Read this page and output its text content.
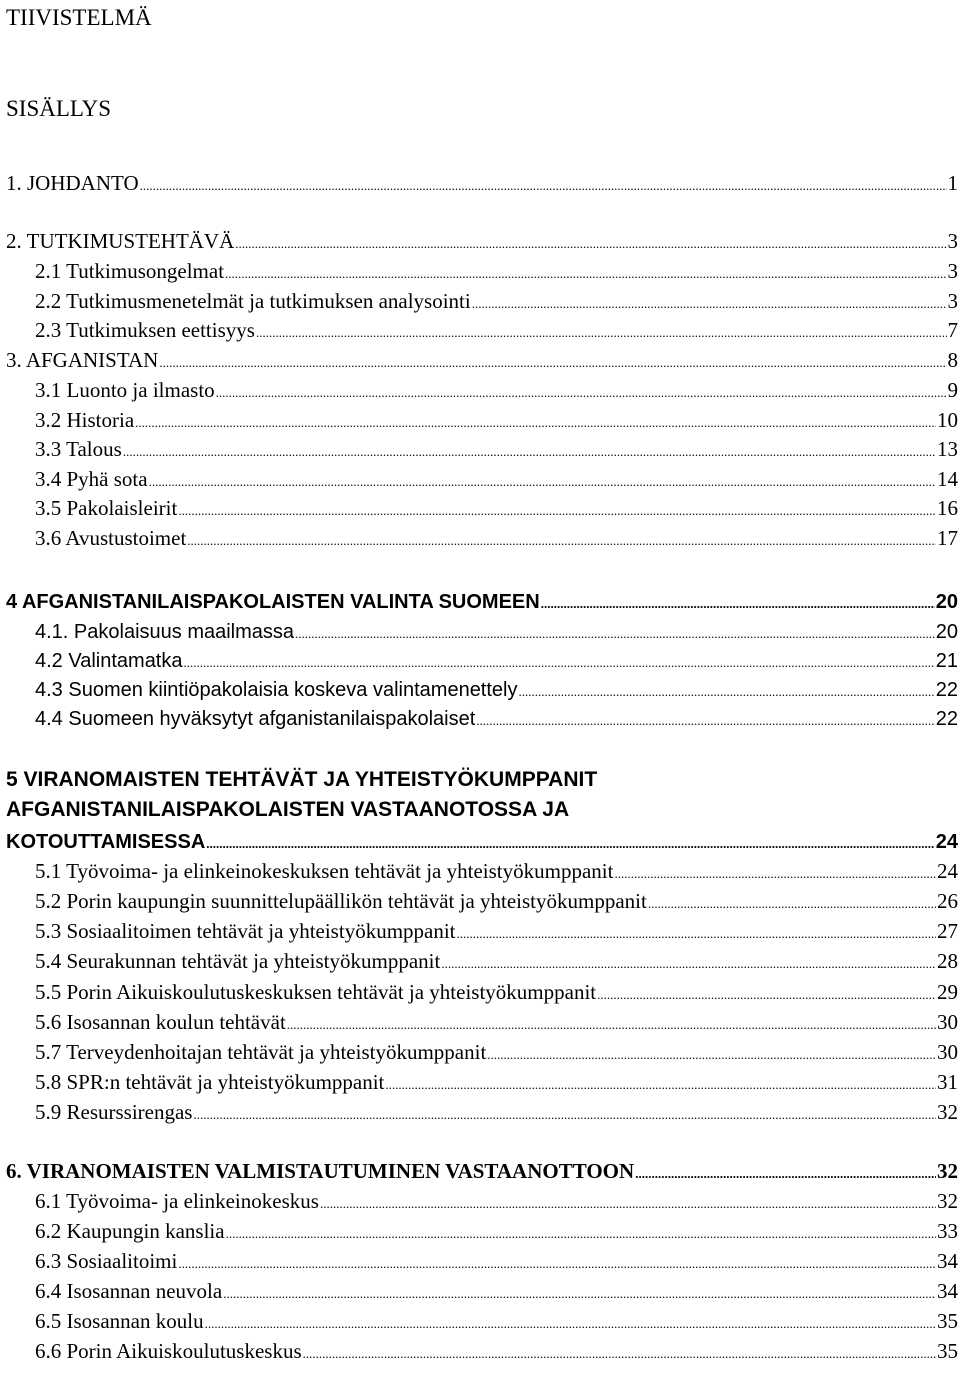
TIIVISTELMÄ
SISÄLLYS
1. JOHDANTO .....	1
2. TUTKIMUSTEHTÄVÄ .....	3
2.1 Tutkimusongelmat .....	3
2.2 Tutkimusmenetelmät ja tutkimuksen analysointi .....	3
2.3 Tutkimuksen eettisyys .....	7
3. AFGANISTAN .....	8
3.1 Luonto ja ilmasto .....	9
3.2 Historia .....	10
3.3 Talous .....	13
3.4 Pyhä sota .....	14
3.5 Pakolaisleirit .....	16
3.6 Avustustoimet .....	17
4 AFGANISTANILAISPAKOLAISTEN VALINTA SUOMEEN .....	20
4.1. Pakolaisuus maailmassa .....	20
4.2 Valintamatka .....	21
4.3 Suomen kiintiöpakolaisia koskeva valintamenettely .....	22
4.4 Suomeen hyväksytyt afganistanilaispakolaiset .....	22
5 VIRANOMAISTEN TEHTÄVÄT JA YHTEISTYÖKUMPPANIT
AFGANISTANILAISPAKOLAISTEN VASTAANOTOSSA JA
KOTOUTTAMISESSA .....	24
5.1 Työvoima- ja elinkeinokeskuksen tehtävät ja yhteistyökumppanit .....	24
5.2 Porin kaupungin suunnittelupäällikön tehtävät ja yhteistyökumppanit .....	26
5.3 Sosiaalitoimen tehtävät ja yhteistyökumppanit .....	27
5.4 Seurakunnan tehtävät ja yhteistyökumppanit .....	28
5.5 Porin Aikuiskoulutuskeskuksen tehtävät ja yhteistyökumppanit .....	29
5.6 Isosannan koulun tehtävät .....	30
5.7 Terveydenhoitajan tehtävät ja yhteistyökumppanit .....	30
5.8 SPR:n tehtävät ja yhteistyökumppanit .....	31
5.9 Resurssirengas .....	32
6. VIRANOMAISTEN VALMISTAUTUMINEN VASTAANOTTOON .....	32
6.1 Työvoima- ja elinkeinokeskus .....	32
6.2 Kaupungin kanslia .....	33
6.3 Sosiaalitoimi .....	34
6.4 Isosannan neuvola .....	34
6.5 Isosannan koulu .....	35
6.6 Porin Aikuiskoulutuskeskus .....	35
